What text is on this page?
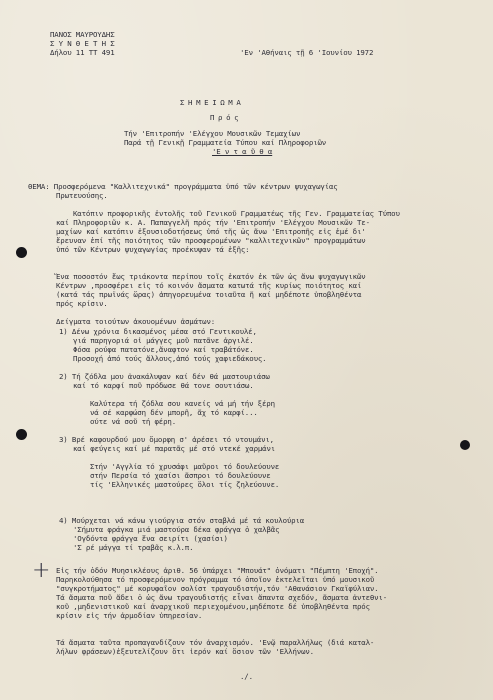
+
ΠΑΝΟΣ ΜΑΥΡΟΥΔΗΣ
Σ Υ Ν Θ Ε Τ Η Σ
Δήλου 11 ΤΤ 491	'Εν 'Αθήναις τῇ 6 'Ιουνίου 1972
ΣΗΜΕΙΩΜΑ
Πρός
Τήν 'Επιτροπήν 'Ελέγχου Μουσικῶν Τεμαχίων
Παρά τῇ Γενικῇ Γραμματεία Τύπου καί Πληροφοριῶν
'Ε ν τ α ῦ θ α
ΘΕΜΑ: Προσφερόμενα "Καλλιτεχνικά" προγράμματα ὑπό τῶν κέντρων ψυχαγωγίας
Πρωτευούσης.
Κατόπιν προφορικῆς ἐντολῆς τοῦ Γενικοῦ Γραμματέως τῆς Γεν. Γραμματείας Τύπου
καί Πληροφοριῶν κ. Α. Παπαγγελῆ πρός τήν 'Επιτροπήν 'Ελέγχου Μουσικῶν Τε-
μαχίων καί κατόπιν ἐξουσιοδοτήσεως ὑπό τῆς ὡς ἄνω 'Επιτροπῆς εἰς ἐμέ δι'
ἔρευναν ἐπί τῆς ποιότητος τῶν προσφερομένων "καλλιτεχνικῶν" προγραμμάτων
ὑπό τῶν Κέντρων ψυχαγωγίας προέκυψαν τά ἑξῆς:
Ἕνα ποσοστόν ἕως τριάκοντα περίπου τοῖς ἑκατόν ἐκ τῶν ὡς ἄνω ψυχαγωγικῶν
Κέντρων ,προσφέρει εἰς τό κοινόν ἄσματα κατωτά τῆς κυρίως ποιότητος καί
(κατά τάς πρωϊνάς ὥρας) ἀπηγορευμένα τοιαῦτα ἤ καί μηδέποτε ὑποβληθέντα
πρός κρίσιν.
Δείγματα τοιούτων ἀκουομένων ἀσμάτων:
1) Δένω χρόνια δικασμένος μέσα στό Γεντικουλέ,
γιά παρηγοριά οἱ μάγγες μοῦ πατᾶνε ἀργιλέ.
Φόσα ρούφα πατατόνε,ἄναφτον καί τραβάτόνε.
Προσοχή ἀπό τούς ἄλλους,ἀπό τούς χαφιεδάκους.
2) Τή ζόδλα μου ἀνακάλυψαν καί δέν θά μαστουριάσω
καί τό καρφί ποῦ πρόδωσε θά τονε σουτιάσω.
Καλύτερα τή ζόδλα σου κανείς νά μή τήν ξέρη
νά σέ καρφώση δέν μπορῆ, ἄχ τό καρφί...
ούτε νά σοῦ τή φέρη.
3) Βρέ καφουρδού μου ὄμορφη σ' ἀρέσει τό ντουμάνι,
καί φεύγεις καί μέ παρατᾶς μέ στό ντεκέ χαρμάνι
Στήν 'Αγγλία τό χρυσάφι μαῦροι τό δουλεύουνε
στήν Περσία τό χασίσι ἄσπροι τό δουλεύουνε
τίς 'Ελληνικές μαστούρες ὅλοι τίς ζηλεύουνε.
4) Μούρχεται νά κάνω γιούργια στόν σταβλά μέ τά κουλούρια
'Σήμυτα φράγκα μιά μαστούρα δέκα φράγγα ὁ χαλβᾶς
'Ογδόντα φράγγα ἕνα σειρίτι (χασίσι)
'Σ ρέ μάγγα τί τραβᾶς κ.λ.π.
Εἰς τήν ὁδόν Μυησικλέους ἀριθ. 56 ὑπάρχει "Μπουάτ" ὀνόματι "Πέμπτη 'Εποχή".
Παρηκολούθησα τό προσφερόμενον πρόγραμμα τό ὁποῖον ἐκτελεῖται ὑπό μουσικοῦ
"συγκροτήματος" μέ κορυφαῖον σολίστ τραγουδιστήν,τόν 'Αθανάσιον Γκαϊφύλιαν.
Τά ἄσματα ποῦ ἄδει ὁ ὡς ἄνω τραγουδιστής εἶναι ἅπαντα σχεδόν, ἄσματα ἀντεθνι-
κοῦ ,μηδενιστικοῦ καί ἀναρχικοῦ περιεχομένου,μηδέποτε δέ ὑποβληθέντα πρός
κρίσιν εἰς τήν ἁρμοδίαν ὑπηρεσίαν.
Τά ἄσματα ταῦτα προπαγανδίζουν τόν ἀναρχισμόν. 'Ενῷ παραλλήλως (διά καταλ-
λήλων φράσεων)ἐξευτελίζουν ὅτι ἱερόν καί ὅσιον τῶν 'Ελλήνων.
.∕.
